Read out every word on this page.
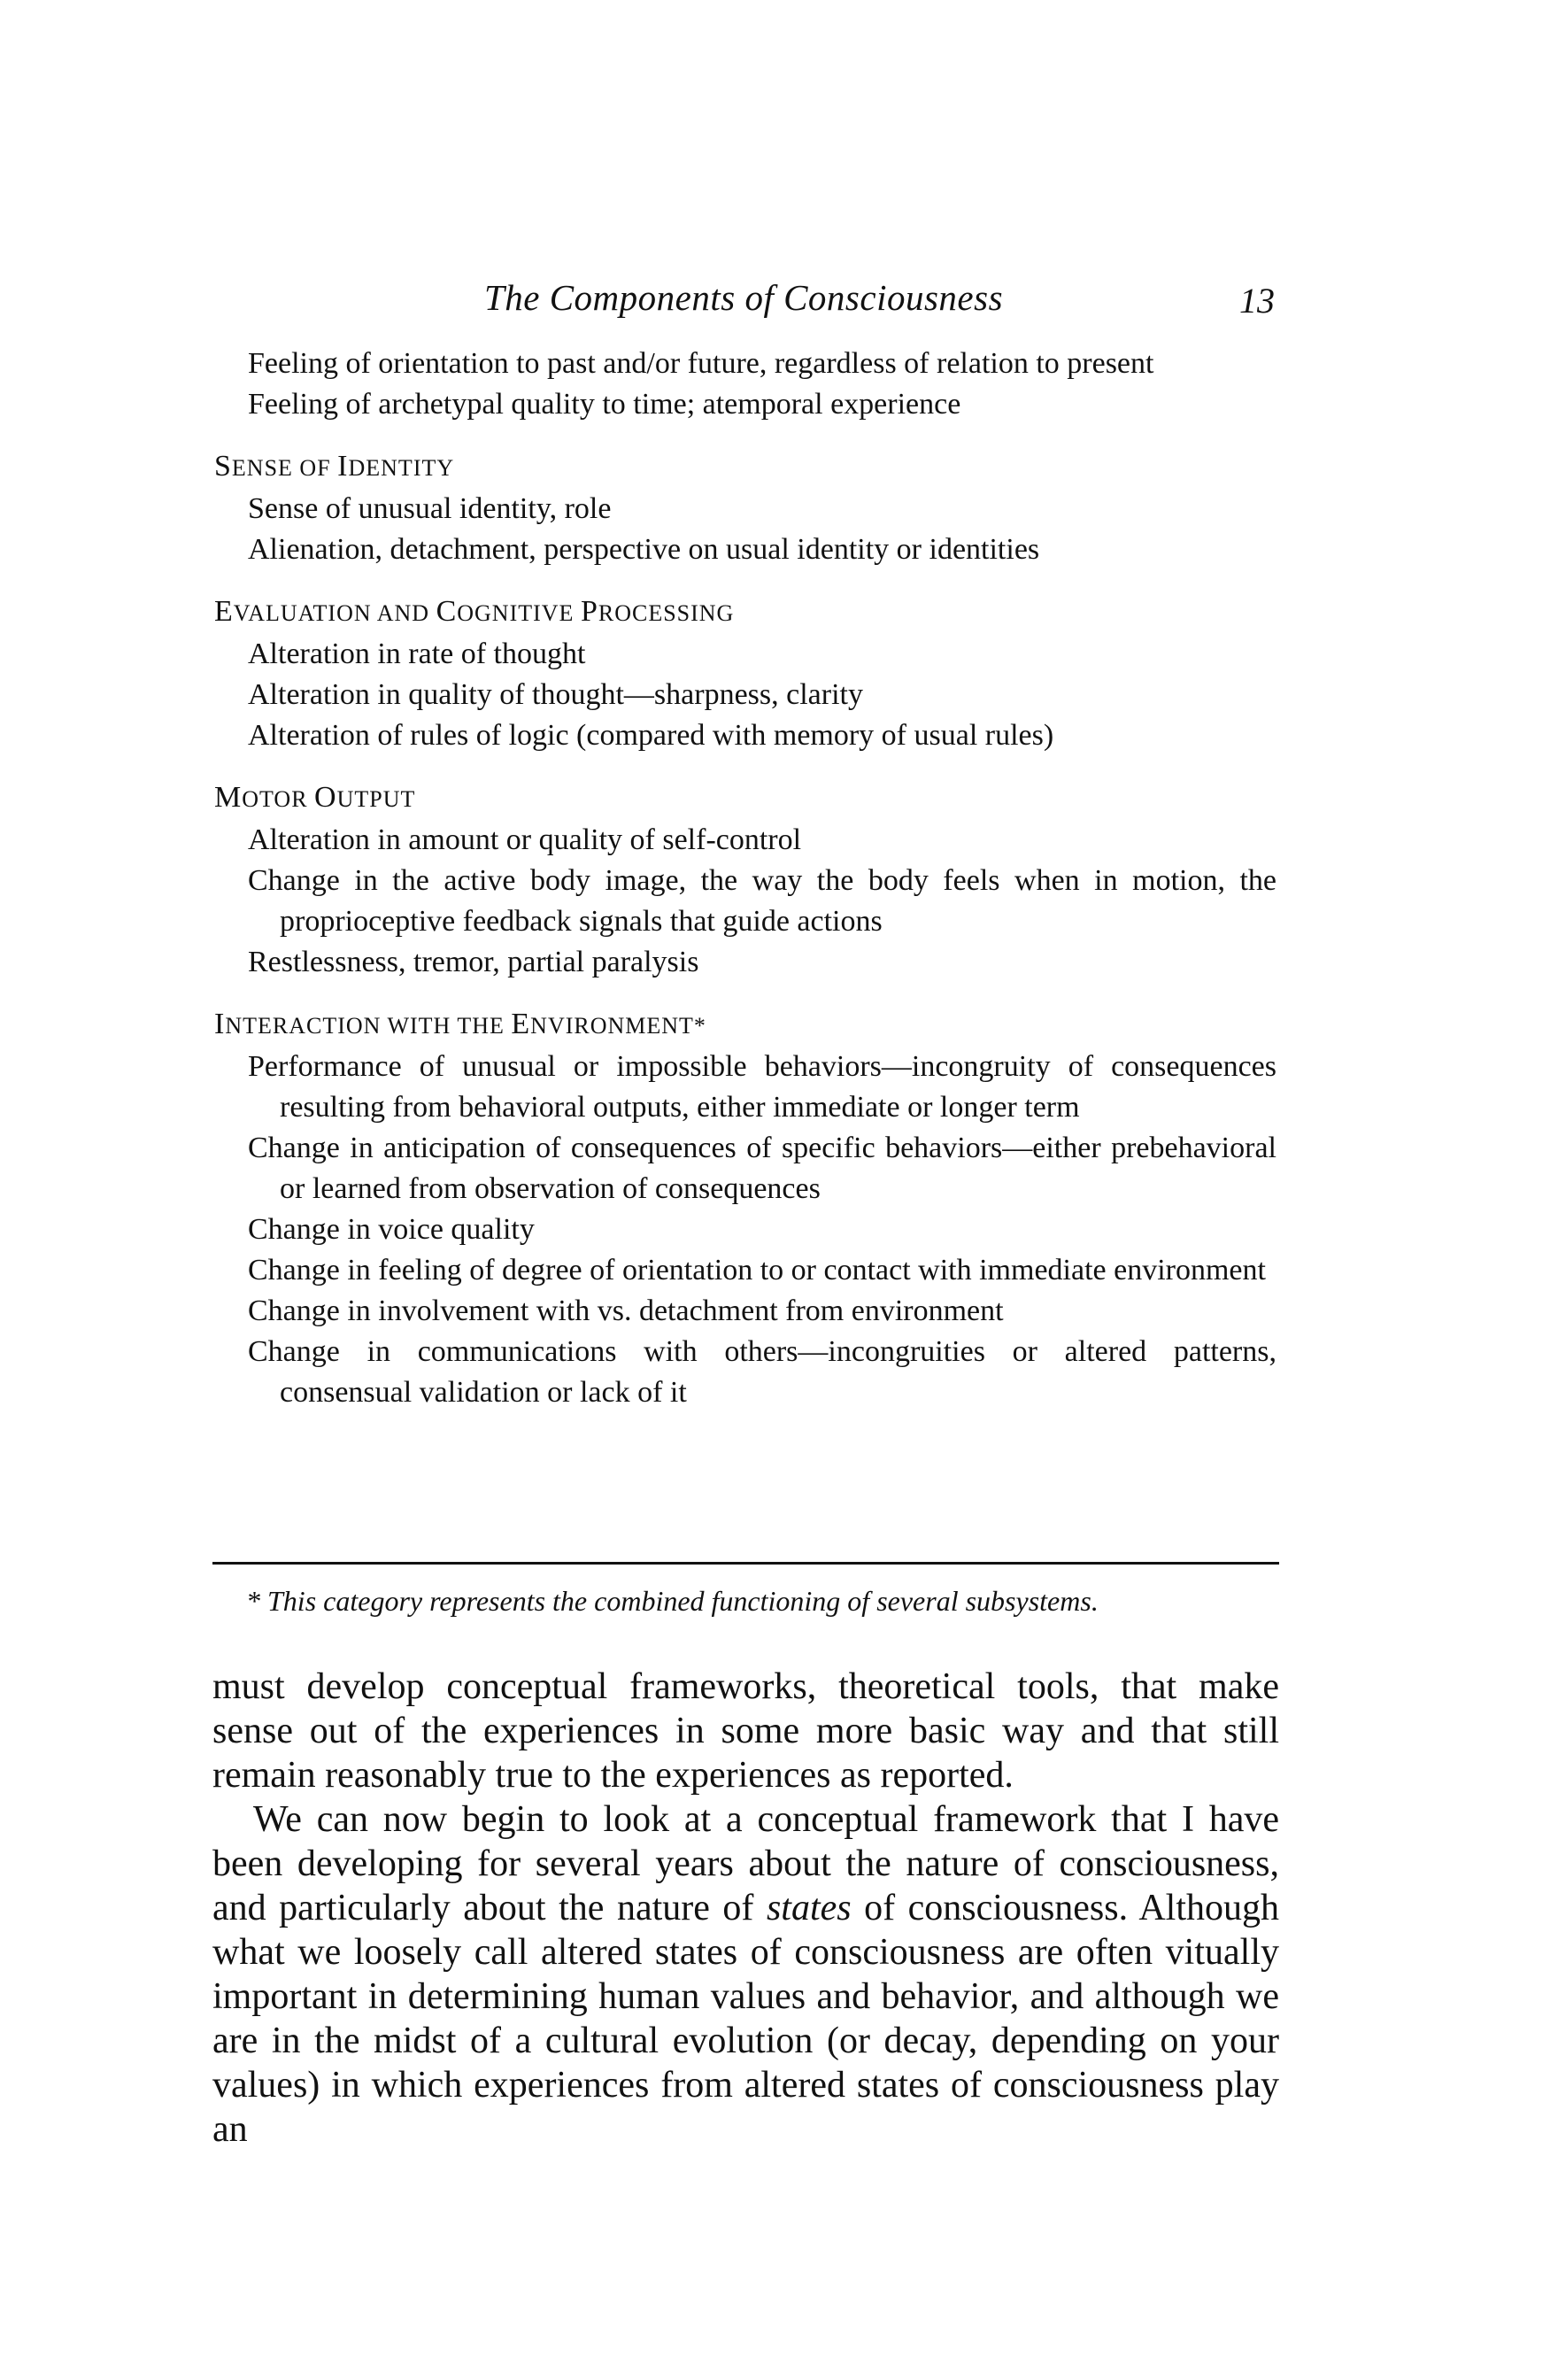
The Components of Consciousness	13
Feeling of orientation to past and/or future, regardless of relation to present
Feeling of archetypal quality to time; atemporal experience
SENSE OF IDENTITY
Sense of unusual identity, role
Alienation, detachment, perspective on usual identity or identities
EVALUATION AND COGNITIVE PROCESSING
Alteration in rate of thought
Alteration in quality of thought—sharpness, clarity
Alteration of rules of logic (compared with memory of usual rules)
MOTOR OUTPUT
Alteration in amount or quality of self-control
Change in the active body image, the way the body feels when in motion, the proprioceptive feedback signals that guide actions
Restlessness, tremor, partial paralysis
INTERACTION WITH THE ENVIRONMENT*
Performance of unusual or impossible behaviors—incongruity of consequences resulting from behavioral outputs, either immediate or longer term
Change in anticipation of consequences of specific behaviors—either prebehavioral or learned from observation of consequences
Change in voice quality
Change in feeling of degree of orientation to or contact with immediate environment
Change in involvement with vs. detachment from environment
Change in communications with others—incongruities or altered patterns, consensual validation or lack of it
* This category represents the combined functioning of several subsystems.

must develop conceptual frameworks, theoretical tools, that make sense out of the experiences in some more basic way and that still remain reasonably true to the experiences as reported.

We can now begin to look at a conceptual framework that I have been developing for several years about the nature of consciousness, and particularly about the nature of states of consciousness. Although what we loosely call altered states of consciousness are often vitually important in determining human values and behavior, and although we are in the midst of a cultural evolution (or decay, depending on your values) in which experiences from altered states of consciousness play an
